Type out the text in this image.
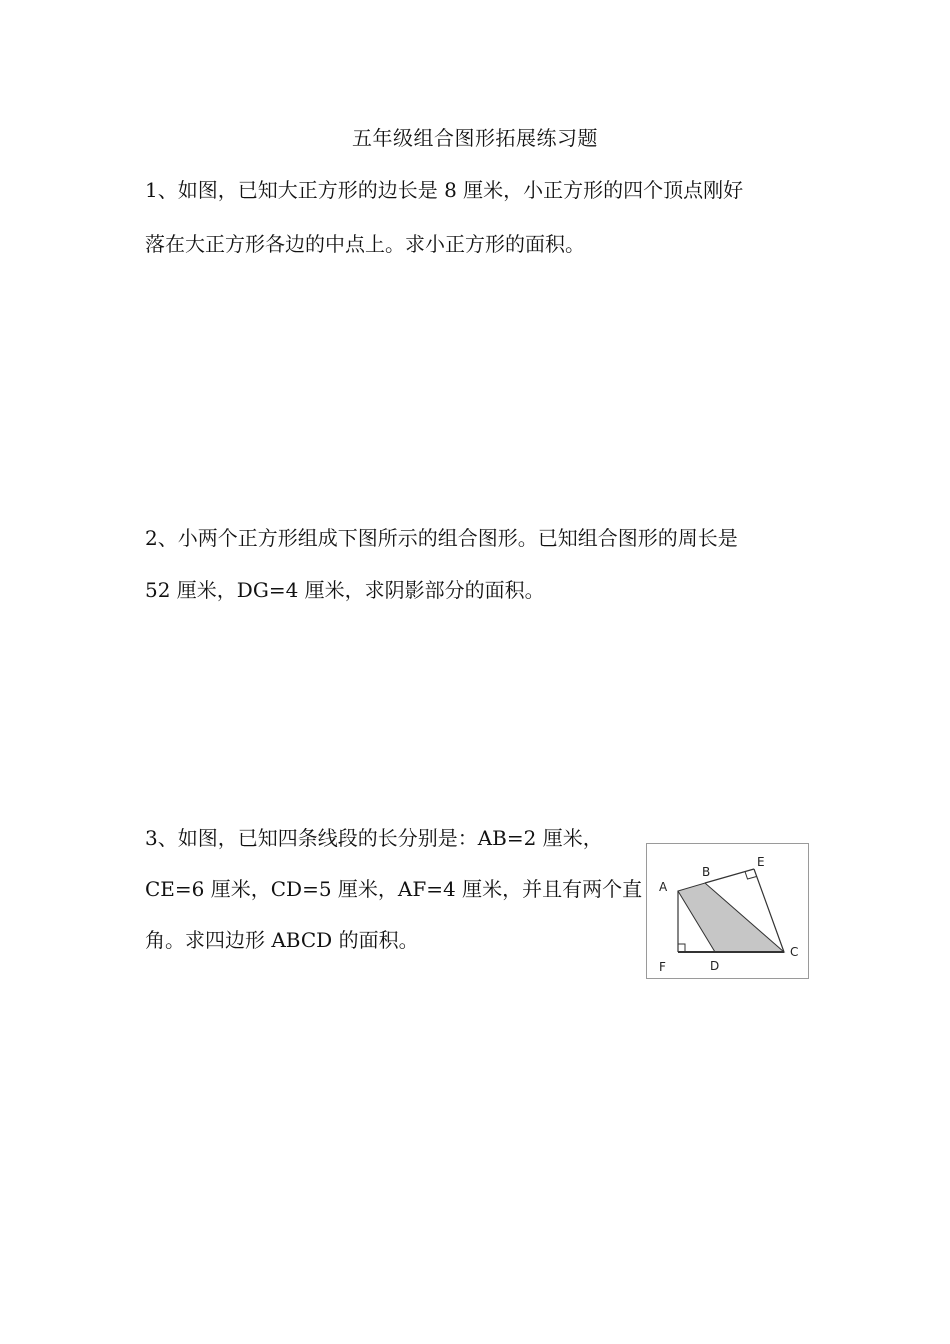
五年级组合图形拓展练习题
1、如图，已知大正方形的边长是 8 厘米，小正方形的四个顶点刚好
落在大正方形各边的中点上。求小正方形的面积。
2、小两个正方形组成下图所示的组合图形。已知组合图形的周长是
52 厘米，DG=4 厘米，求阴影部分的面积。
3、如图，已知四条线段的长分别是：AB=2 厘米，
CE=6 厘米，CD=5 厘米，AF=4 厘米，并且有两个直
角。求四边形 ABCD 的面积。
A
B
E
C
F	D
